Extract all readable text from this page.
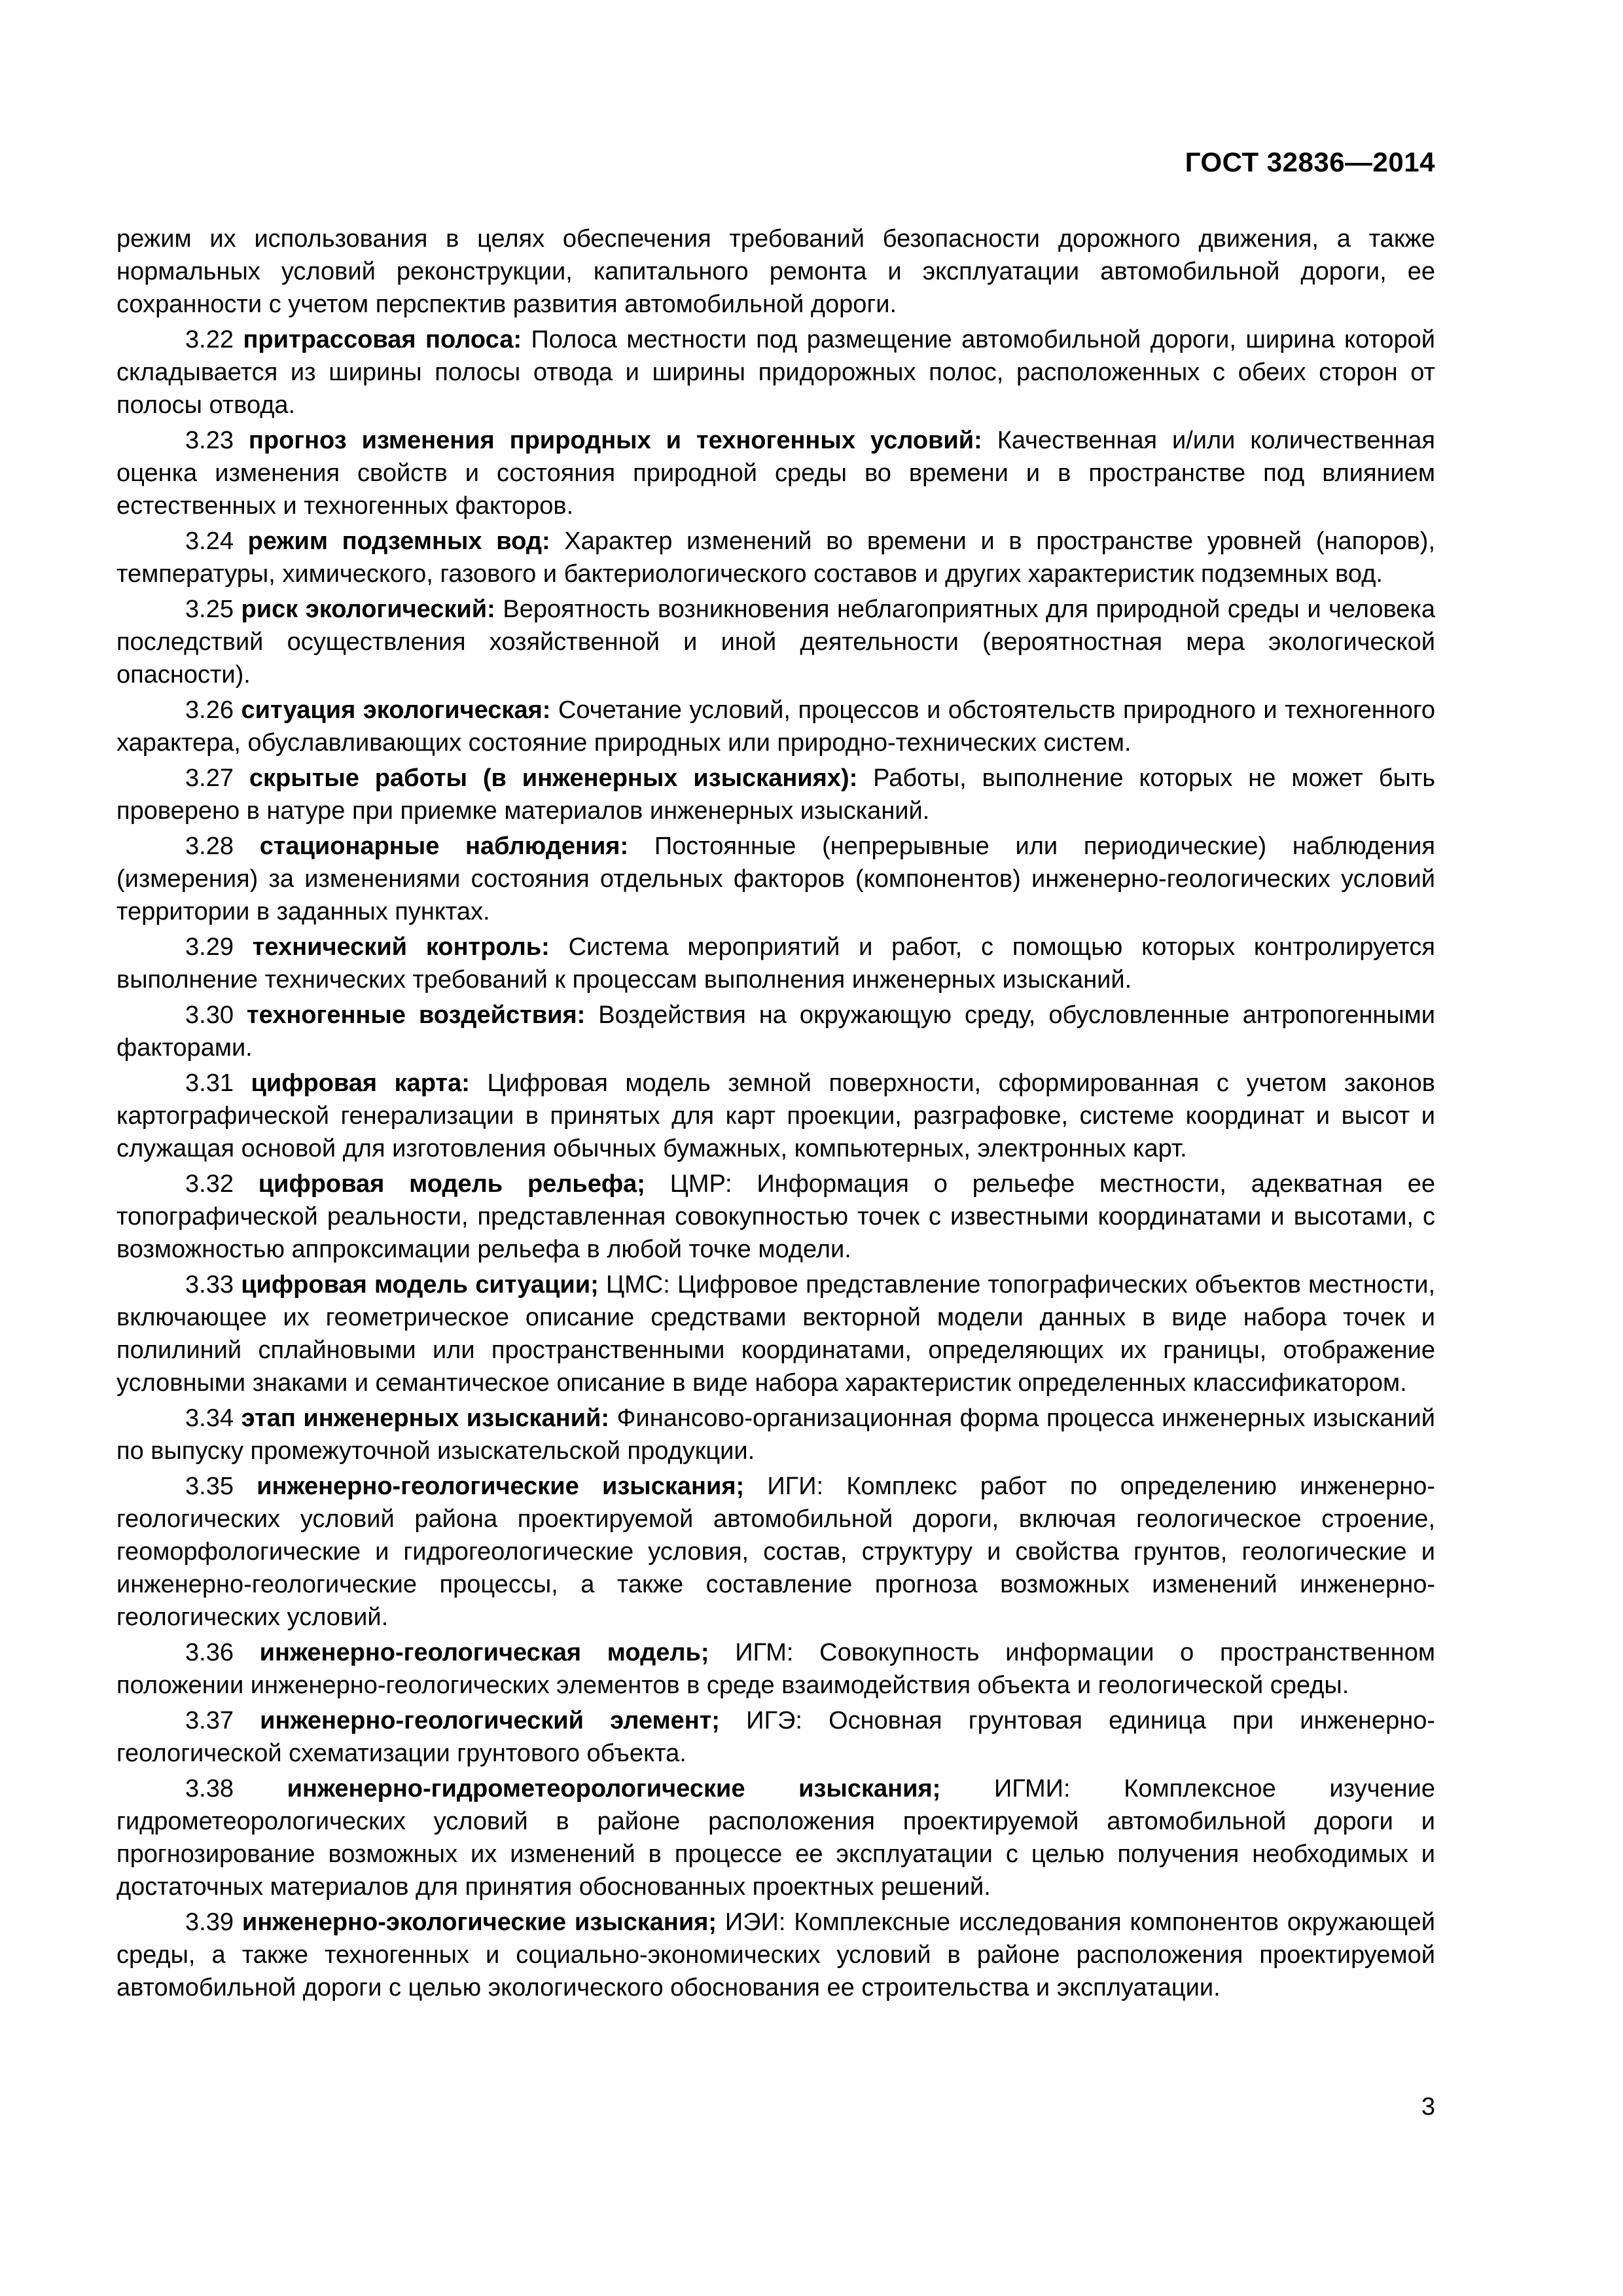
ГОСТ 32836—2014

режим их использования в целях обеспечения требований безопасности дорожного движения, а также нормальных условий реконструкции, капитального ремонта и эксплуатации автомобильной дороги, ее сохранности с учетом перспектив развития автомобильной дороги.

3.22 притрассовая полоса: Полоса местности под размещение автомобильной дороги, ширина которой складывается из ширины полосы отвода и ширины придорожных полос, расположенных с обеих сторон от полосы отвода.

3.23 прогноз изменения природных и техногенных условий: Качественная и/или количественная оценка изменения свойств и состояния природной среды во времени и в пространстве под влиянием естественных и техногенных факторов.

3.24 режим подземных вод: Характер изменений во времени и в пространстве уровней (напоров), температуры, химического, газового и бактериологического составов и других характеристик подземных вод.

3.25 риск экологический: Вероятность возникновения неблагоприятных для природной среды и человека последствий осуществления хозяйственной и иной деятельности (вероятностная мера экологической опасности).

3.26 ситуация экологическая: Сочетание условий, процессов и обстоятельств природного и техногенного характера, обуславливающих состояние природных или природно-технических систем.

3.27 скрытые работы (в инженерных изысканиях): Работы, выполнение которых не может быть проверено в натуре при приемке материалов инженерных изысканий.

3.28 стационарные наблюдения: Постоянные (непрерывные или периодические) наблюдения (измерения) за изменениями состояния отдельных факторов (компонентов) инженерно-геологических условий территории в заданных пунктах.

3.29 технический контроль: Система мероприятий и работ, с помощью которых контролируется выполнение технических требований к процессам выполнения инженерных изысканий.

3.30 техногенные воздействия: Воздействия на окружающую среду, обусловленные антропогенными факторами.

3.31 цифровая карта: Цифровая модель земной поверхности, сформированная с учетом законов картографической генерализации в принятых для карт проекции, разграфовке, системе координат и высот и служащая основой для изготовления обычных бумажных, компьютерных, электронных карт.

3.32 цифровая модель рельефа; ЦМР: Информация о рельефе местности, адекватная ее топографической реальности, представленная совокупностью точек с известными координатами и высотами, с возможностью аппроксимации рельефа в любой точке модели.

3.33 цифровая модель ситуации; ЦМС: Цифровое представление топографических объектов местности, включающее их геометрическое описание средствами векторной модели данных в виде набора точек и полилиний сплайновыми или пространственными координатами, определяющих их границы, отображение условными знаками и семантическое описание в виде набора характеристик определенных классификатором.

3.34 этап инженерных изысканий: Финансово-организационная форма процесса инженерных изысканий по выпуску промежуточной изыскательской продукции.

3.35 инженерно-геологические изыскания; ИГИ: Комплекс работ по определению инженерно-геологических условий района проектируемой автомобильной дороги, включая геологическое строение, геоморфологические и гидрогеологические условия, состав, структуру и свойства грунтов, геологические и инженерно-геологические процессы, а также составление прогноза возможных изменений инженерно-геологических условий.

3.36 инженерно-геологическая модель; ИГМ: Совокупность информации о пространственном положении инженерно-геологических элементов в среде взаимодействия объекта и геологической среды.

3.37 инженерно-геологический элемент; ИГЭ: Основная грунтовая единица при инженерно-геологической схематизации грунтового объекта.

3.38 инженерно-гидрометеорологические изыскания; ИГМИ: Комплексное изучение гидрометеорологических условий в районе расположения проектируемой автомобильной дороги и прогнозирование возможных их изменений в процессе ее эксплуатации с целью получения необходимых и достаточных материалов для принятия обоснованных проектных решений.

3.39 инженерно-экологические изыскания; ИЭИ: Комплексные исследования компонентов окружающей среды, а также техногенных и социально-экономических условий в районе расположения проектируемой автомобильной дороги с целью экологического обоснования ее строительства и эксплуатации.

3
